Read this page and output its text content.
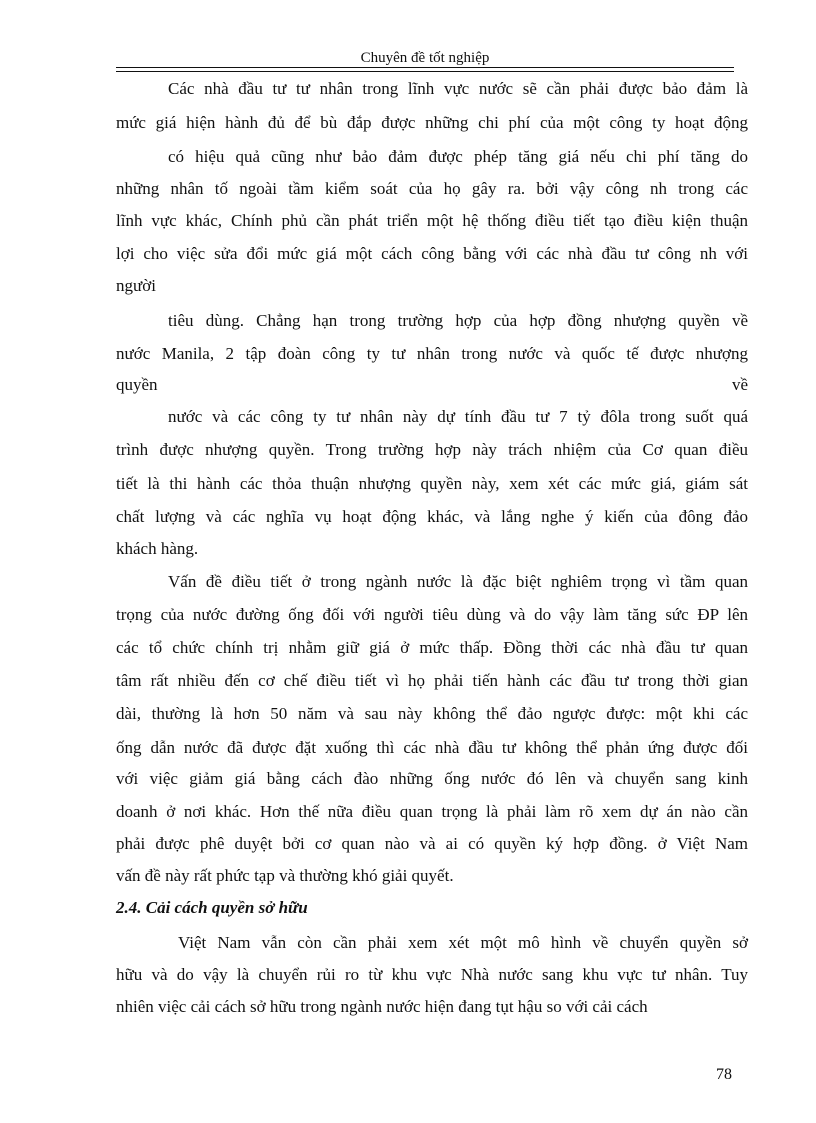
Chuyên đề tốt nghiệp
Các nhà đầu tư tư nhân trong lĩnh vực nước sẽ cần phải được bảo đảm là
mức giá hiện hành đủ để bù đắp được những chi phí của một công ty hoạt động
có hiệu quả cũng như bảo đảm được phép tăng giá nếu chi phí tăng do
những nhân tố ngoài tầm kiểm soát của họ gây ra. bởi vậy công nh trong các
lĩnh vực khác, Chính phủ cần phát triển một hệ thống điều tiết tạo điều kiện thuận
lợi cho việc sửa đổi mức giá một cách công bằng với các nhà đầu tư công nh với
người
tiêu dùng. Chẳng hạn trong trường hợp của hợp đồng nhượng quyền về
nước Manila, 2 tập đoàn công ty tư nhân trong nước và quốc tế được nhượng
quyền về
nước và các công ty tư nhân này dự tính đầu tư 7 tỷ đôla trong suốt quá
trình được nhượng quyền. Trong trường hợp này trách nhiệm của Cơ quan điều
tiết là thi hành các thỏa thuận nhượng quyền này, xem xét các mức giá, giám sát
chất lượng và các nghĩa vụ hoạt động khác, và lắng nghe ý kiến của đông đảo
khách hàng.
Vấn đề điều tiết ở trong ngành nước là đặc biệt nghiêm trọng vì tầm quan
trọng của nước đường ống đối với người tiêu dùng và do vậy làm tăng sức ĐP lên
các tổ chức chính trị nhằm giữ giá ở mức thấp. Đồng thời các nhà đầu tư quan
tâm rất nhiều đến cơ chế điều tiết vì họ phải tiến hành các đầu tư trong thời gian
dài, thường là hơn 50 năm và sau này không thể đảo ngược được: một khi các
ống dẫn nước đã được đặt xuống thì các nhà đầu tư không thể phản ứng được đối
với việc giảm giá bằng cách đào những ống nước đó lên và chuyển sang kinh
doanh ở nơi khác. Hơn thế nữa điều quan trọng là phải làm rõ xem dự án nào cần
phải được phê duyệt bởi cơ quan nào và ai có quyền ký hợp đồng. ở Việt Nam
vấn đề này rất phức tạp và thường khó giải quyết.
2.4. Cải cách quyền sở hữu
Việt Nam vẫn còn cần phải xem xét một mô hình về chuyển quyền sở
hữu và do vậy là chuyển rủi ro từ khu vực Nhà nước sang khu vực tư nhân. Tuy
nhiên việc cải cách sở hữu trong ngành nước hiện đang tụt hậu so với cải cách
78
